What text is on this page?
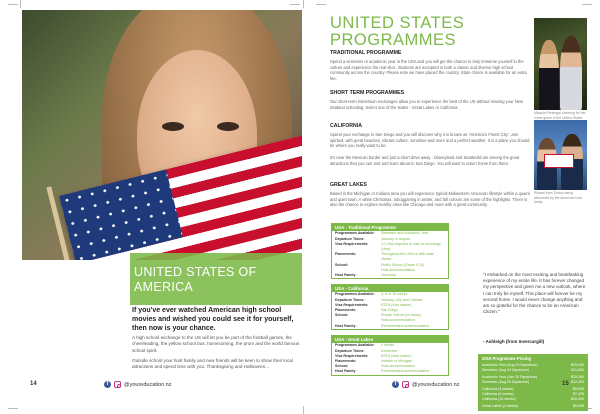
UNITED STATES OF AMERICA
If you've ever watched American high school movies and wished you could see it for yourself, then now is your chance.
A high school exchange to the US will let you be part of the football games, the cheerleading, the yellow school bus, homecoming, the prom and the world famous school spirit.
Outside school your host family and new friends will be keen to show their local attractions and spend time with you. Thanksgiving and Halloween...
14	f	@youreducation.nz
UNITED STATES PROGRAMMES
TRADITIONAL PROGRAMME
Spend a semester or academic year in the USA and you will get the chance to truly immerse yourself in the culture and experience the real slice. Students are accepted in both a classic and diverse high school community across the country. Please note we have placed the country. State choice is available for an extra fee.
SHORT TERM PROGRAMMES
Our short-term immersion exchanges allow you to experience the best of the US without missing your New Zealand schooling. Select one of the states - Great Lakes or California.
CALIFORNIA
Spend your exchange in San Diego and you will discover why it is known as 'America's Finest City'. Join spirited, with great beaches, vibrant culture, sunshine and more and a perfect weather. It is a place you should be where you really want to be.
It's near the Mexican border and just a short drive away - Disneyland and SeaWorld are among the great attractions that you can visit and learn about in San Diego. You will want to return home from there.
GREAT LAKES
Based in the Michigan or Indiana area you will experience typical Midwestern American lifestyle within a quaint and quiet town. A white Christmas, tobogganing in winter, and fall colours are some of the highlights. There is also the chance to explore nearby cities like Chicago and more with a great community.
Mikayla Pentregal cheering for her home game in the United States
Rhaani from Timaru being welcomed by the American host family
USA - Traditional Programme
Programmes Available:	Semester and Academic Year
Departure Times:	January or August
Visa Requirements:	J-1 Visa required to visit on exchange (Visa)
Placements:	Throughout the USA or with state choice
School:	Public School (Grade 9-12)
Host accommodation
Host Family:	Voluntary
USA - California
Programmes Available:	4, 6 or 10 weeks
Departure Times:	January, July and October
Visa Requirements:	ESTA (Visa waiver)
Placements:	San Diego
School:	Private School (co-study)
Host accommodation
Host Family:	Remunerated accommodation
USA - Great Lakes
Programmes Available:	4 weeks
Departure Times:	December
Visa Requirements:	ESTA (Visa waiver)
Placements:	Indiana or Michigan
School:	Host accommodation
Host Family:	Remunerated accommodation
"I embarked on the most exciting and breathtaking experience of my entire life. It has forever changed my perspective and given me a new outlook, where I can truly be myself. This place will forever be my second home. I would never change anything and am so grateful for the chance to be an American Citizen."
- Ashleigh (from Invercargill)
2019 Programme Pricing
Academic Year (Aug 19 Departure)	$15,260
Semester (Aug 19 Departure)	$11,800
Academic Year (Jan 20 Departure)	$15,260
Semester (Aug 20 Departure)	$12,400
California (4 weeks)	$5,555
California (6 weeks)	$7,425
California (10 weeks)	$10,900
Great Lakes (4 weeks)	$5,990
f	@youreducation.nz	15
